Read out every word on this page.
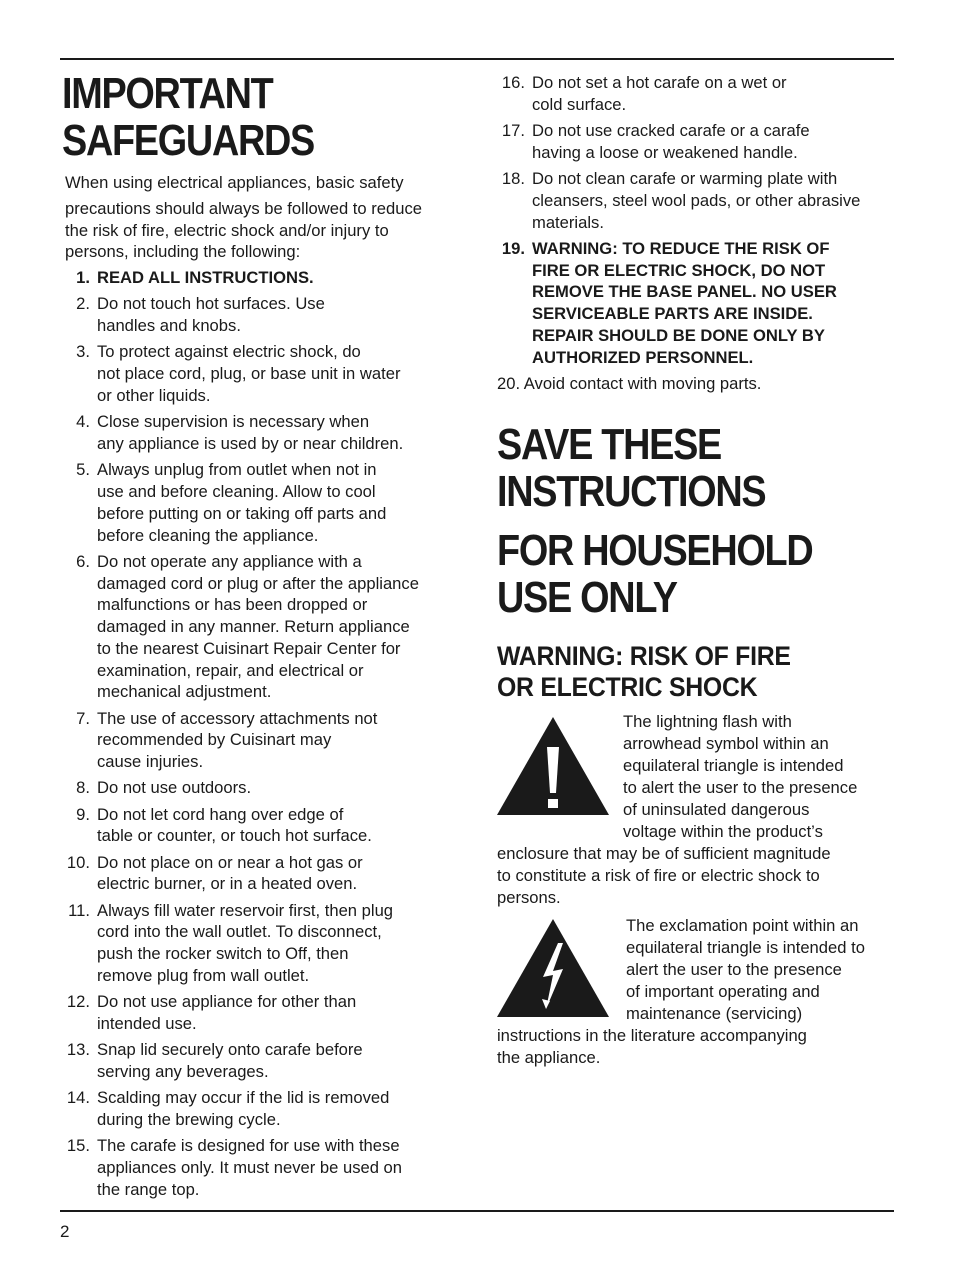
IMPORTANT

SAFEGUARDS

When using electrical appliances, basic safety
precautions should always be followed to reduce
the risk of fire, electric shock and/or injury to
persons, including the following:

1. READ ALL INSTRUCTIONS.
2. Do not touch hot surfaces. Use
handles and knobs.
3. To protect against electric shock, do
not place cord, plug, or base unit in water
or other liquids.
4. Close supervision is necessary when
any appliance is used by or near children.
5. Always unplug from outlet when not in
use and before cleaning. Allow to cool
before putting on or taking off parts and
before cleaning the appliance.
6. Do not operate any appliance with a
damaged cord or plug or after the appliance
malfunctions or has been dropped or
damaged in any manner. Return appliance
to the nearest Cuisinart Repair Center for
examination, repair, and electrical or
mechanical adjustment.
7. The use of accessory attachments not
recommended by Cuisinart may
cause injuries.
8. Do not use outdoors.
9. Do not let cord hang over edge of
table or counter, or touch hot surface.
10. Do not place on or near a hot gas or
electric burner, or in a heated oven.
11. Always fill water reservoir first, then plug
cord into the wall outlet. To disconnect,
push the rocker switch to Off, then
remove plug from wall outlet.
12. Do not use appliance for other than
intended use.
13. Snap lid securely onto carafe before
serving any beverages.
14. Scalding may occur if the lid is removed
during the brewing cycle.
15. The carafe is designed for use with these
appliances only. It must never be used on
the range top.
16. Do not set a hot carafe on a wet or
cold surface.
17. Do not use cracked carafe or a carafe
having a loose or weakened handle.
18. Do not clean carafe or warming plate with
cleansers, steel wool pads, or other abrasive
materials.
19. WARNING: TO REDUCE THE RISK OF
FIRE OR ELECTRIC SHOCK, DO NOT
REMOVE THE BASE PANEL. NO USER
SERVICEABLE PARTS ARE INSIDE.
REPAIR SHOULD BE DONE ONLY BY
AUTHORIZED PERSONNEL.
20. Avoid contact with moving parts.

SAVE THESE

INSTRUCTIONS

FOR HOUSEHOLD

USE ONLY

WARNING: RISK OF FIRE

OR ELECTRIC SHOCK

The lightning flash with
arrowhead symbol within an
equilateral triangle is intended
to alert the user to the presence
of uninsulated dangerous
voltage within the product’s
enclosure that may be of sufficient magnitude
to constitute a risk of fire or electric shock to
persons.
The exclamation point within an
equilateral triangle is intended to
alert the user to the presence
of important operating and
maintenance (servicing)
instructions in the literature accompanying
the appliance.
2
